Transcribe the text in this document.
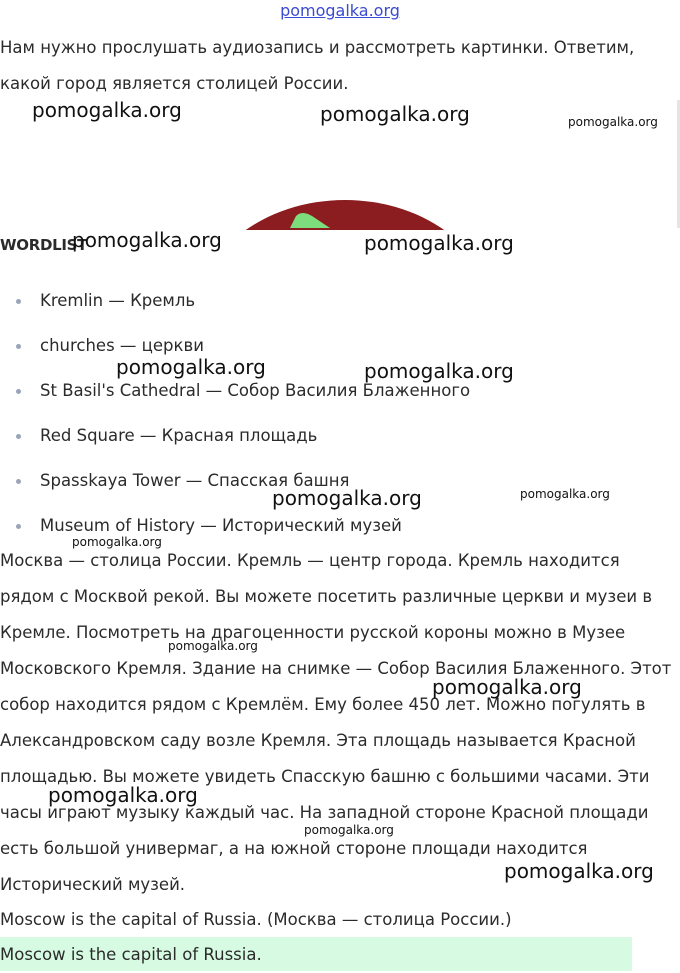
pomogalka.org

Нам нужно прослушать аудиозапись и рассмотреть картинки. Ответим, какой город является столицей России.

WORDLIST
Kremlin — Кремль
churches — церкви
St Basil's Cathedral — Собор Василия Блаженного
Red Square — Красная площадь
Spasskaya Tower — Спасская башня
Museum of History — Исторический музей

Москва — столица России. Кремль — центр города. Кремль находится рядом с Москвой рекой. Вы можете посетить различные церкви и музеи в Кремле. Посмотреть на драгоценности русской короны можно в Музее Московского Кремля. Здание на снимке — Собор Василия Блаженного. Этот собор находится рядом с Кремлём. Ему более 450 лет. Можно погулять в Александровском саду возле Кремля. Эта площадь называется Красной площадью. Вы можете увидеть Спасскую башню с большими часами. Эти часы играют музыку каждый час. На западной стороне Красной площади есть большой универмаг, а на южной стороне площади находится Исторический музей.

Moscow is the capital of Russia. (Москва — столица России.)

Moscow is the capital of Russia.
pomogalka.org	pomogalka.org	pomogalka.org
pomogalka.org	pomogalka.org
pomogalka.org	pomogalka.org
pomogalka.org	pomogalka.org
pomogalka.org
pomogalka.org
pomogalka.org
pomogalka.org
pomogalka.org
pomogalka.org
